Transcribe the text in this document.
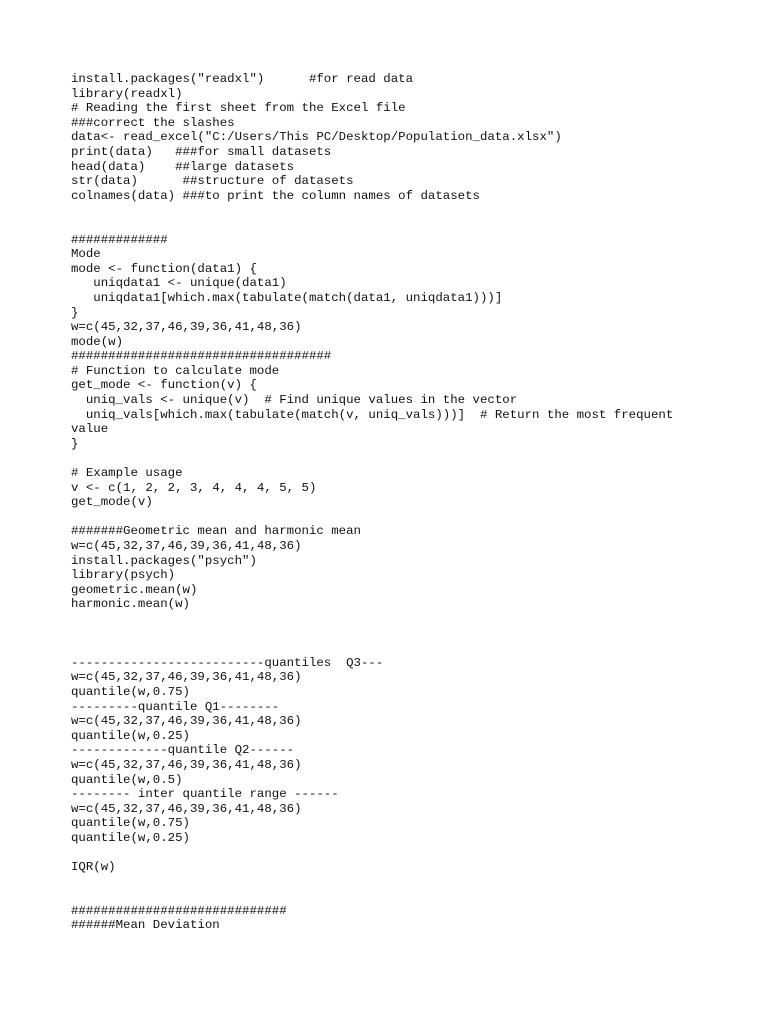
install.packages("readxl")      #for read data
library(readxl)
# Reading the first sheet from the Excel file
###correct the slashes
data<- read_excel("C:/Users/This PC/Desktop/Population_data.xlsx")
print(data)   ###for small datasets
head(data)    ##large datasets
str(data)      ##structure of datasets
colnames(data) ###to print the column names of datasets
#############
Mode
mode <- function(data1) {
uniqdata1 <- unique(data1)
uniqdata1[which.max(tabulate(match(data1, uniqdata1)))]
}
w=c(45,32,37,46,39,36,41,48,36)
mode(w)
###################################
# Function to calculate mode
get_mode <- function(v) {
uniq_vals <- unique(v)  # Find unique values in the vector
uniq_vals[which.max(tabulate(match(v, uniq_vals)))]  # Return the most frequent
value
}
# Example usage
v <- c(1, 2, 2, 3, 4, 4, 4, 5, 5)
get_mode(v)
#######Geometric mean and harmonic mean
w=c(45,32,37,46,39,36,41,48,36)
install.packages("psych")
library(psych)
geometric.mean(w)
harmonic.mean(w)
--------------------------quantiles  Q3---
w=c(45,32,37,46,39,36,41,48,36)
quantile(w,0.75)
---------quantile Q1--------
w=c(45,32,37,46,39,36,41,48,36)
quantile(w,0.25)
-------------quantile Q2------
w=c(45,32,37,46,39,36,41,48,36)
quantile(w,0.5)
-------- inter quantile range ------
w=c(45,32,37,46,39,36,41,48,36)
quantile(w,0.75)
quantile(w,0.25)
IQR(w)
#############################
######Mean Deviation
